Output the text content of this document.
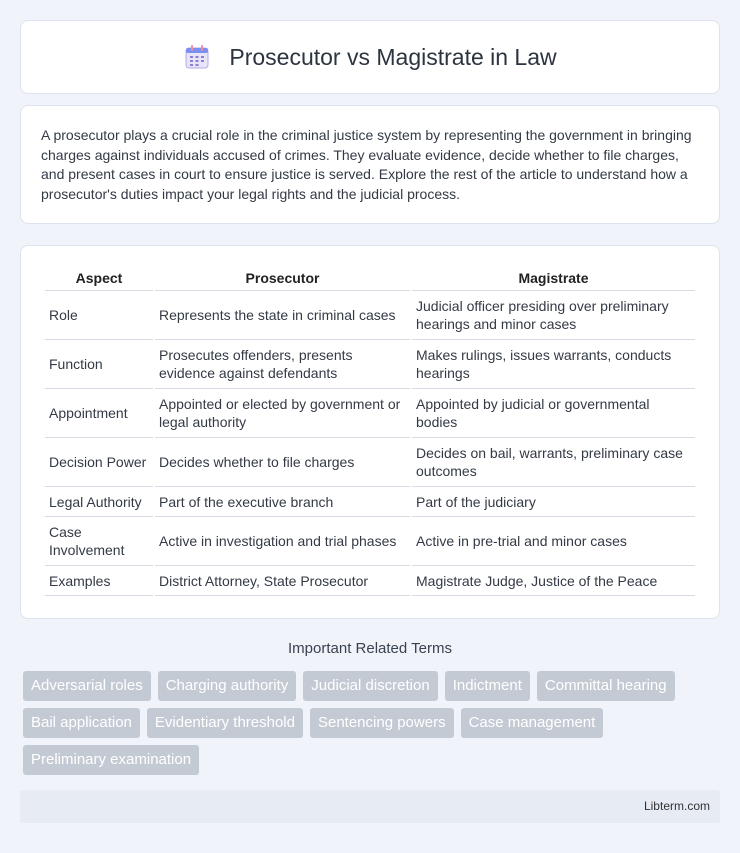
Prosecutor vs Magistrate in Law

A prosecutor plays a crucial role in the criminal justice system by representing the government in bringing charges against individuals accused of crimes. They evaluate evidence, decide whether to file charges, and present cases in court to ensure justice is served. Explore the rest of the article to understand how a prosecutor's duties impact your legal rights and the judicial process.

Aspect	Prosecutor	Magistrate
Role	Represents the state in criminal cases	Judicial officer presiding over preliminary hearings and minor cases
Function	Prosecutes offenders, presents evidence against defendants	Makes rulings, issues warrants, conducts hearings
Appointment	Appointed or elected by government or legal authority	Appointed by judicial or governmental bodies
Decision Power	Decides whether to file charges	Decides on bail, warrants, preliminary case outcomes
Legal Authority	Part of the executive branch	Part of the judiciary
Case Involvement	Active in investigation and trial phases	Active in pre-trial and minor cases
Examples	District Attorney, State Prosecutor	Magistrate Judge, Justice of the Peace
Important Related Terms
Adversarial roles	Charging authority	Judicial discretion	Indictment	Committal hearing
Bail application	Evidentiary threshold	Sentencing powers	Case management
Preliminary examination
Libterm.com
